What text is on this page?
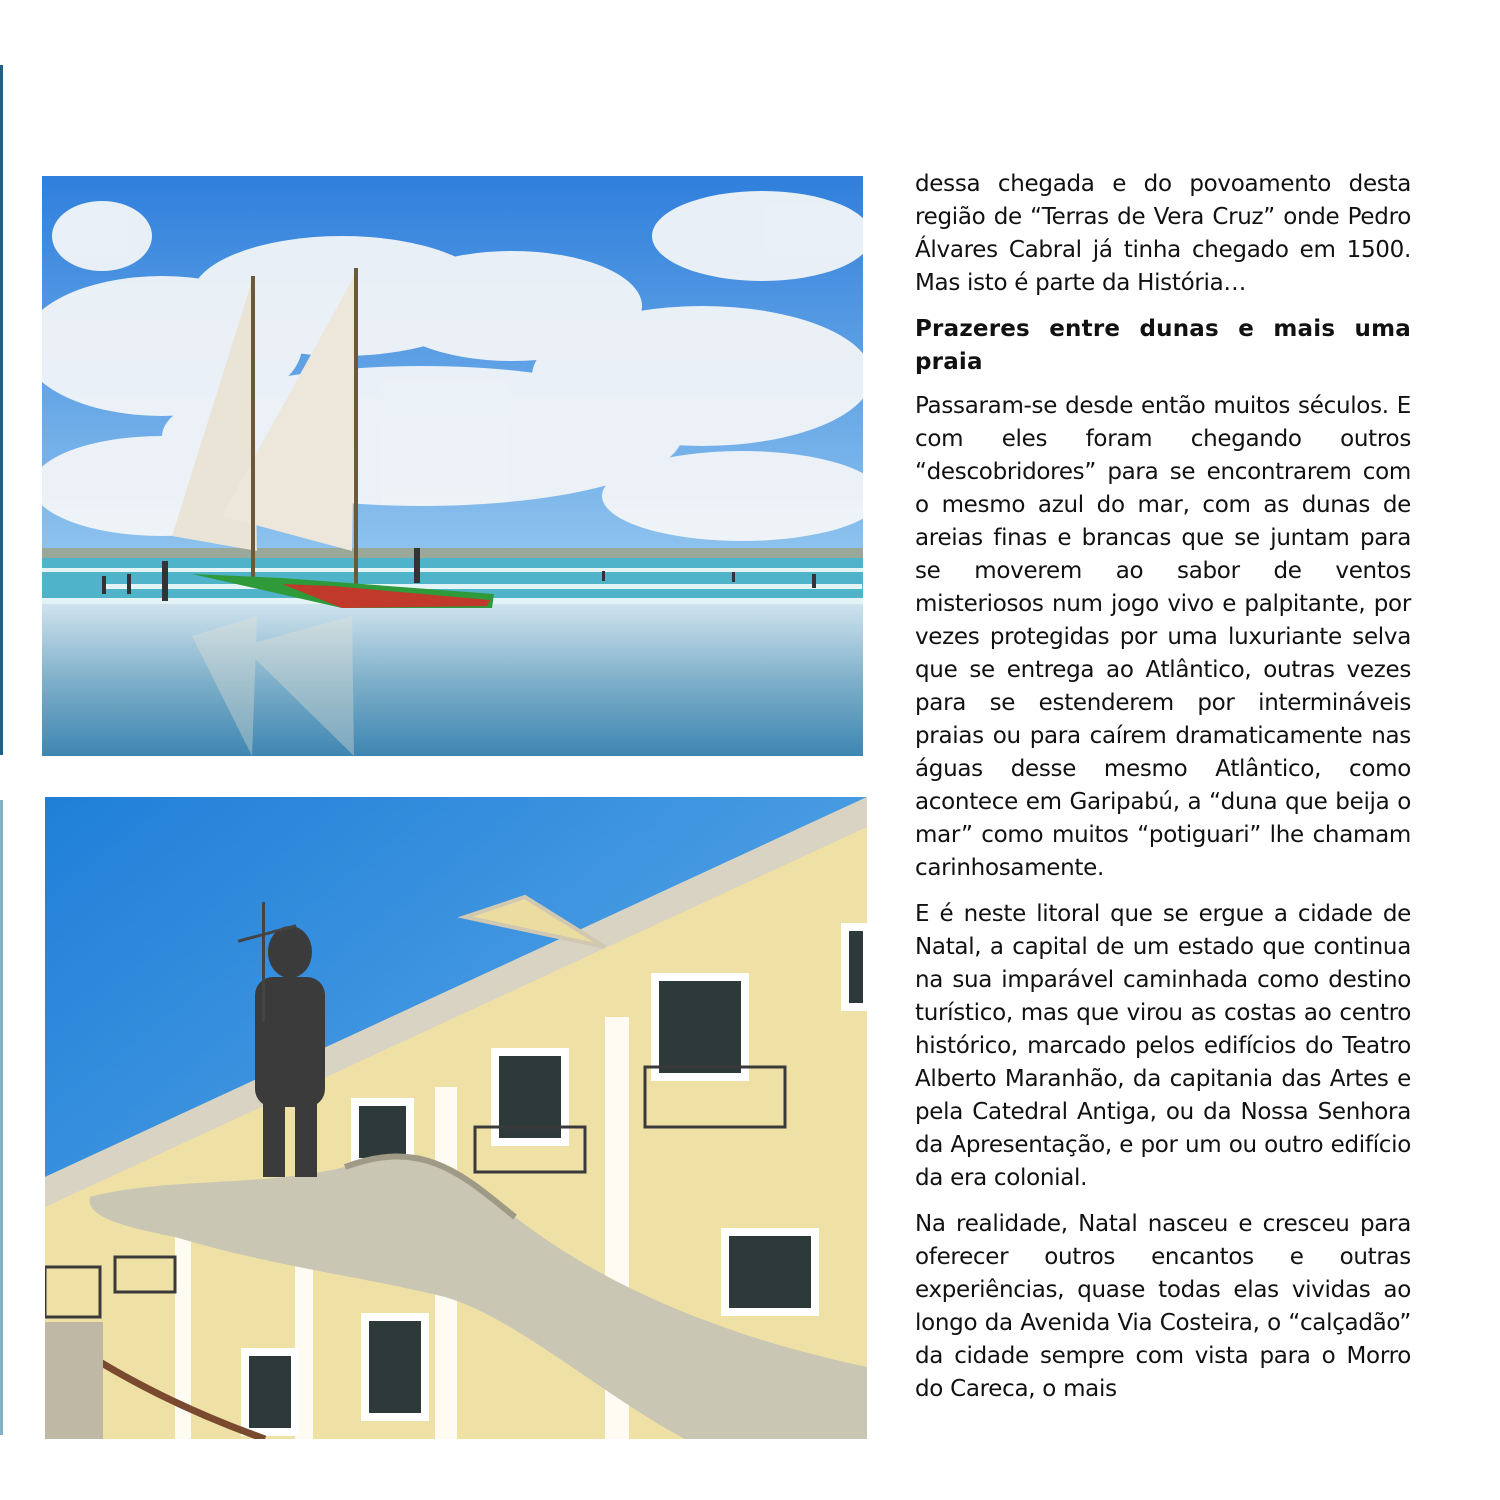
dessa chegada e do povoamento desta região de “Terras de Vera Cruz” onde Pedro Álvares Cabral já tinha chegado em 1500. Mas isto é parte da História…

Prazeres entre dunas e mais uma praia

Passaram-se desde então muitos séculos. E com eles foram chegando outros “descobridores” para se encontrarem com o mesmo azul do mar, com as dunas de areias finas e brancas que se juntam para se moverem ao sabor de ventos misteriosos num jogo vivo e palpitante, por vezes protegidas por uma luxuriante selva que se entrega ao Atlântico, outras vezes para se estenderem por intermináveis praias ou para caírem dramaticamente nas águas desse mesmo Atlântico, como acontece em Garipabú, a “duna que beija o mar” como muitos “potiguari” lhe chamam carinhosamente.

E é neste litoral que se ergue a cidade de Natal, a capital de um estado que continua na sua imparável caminhada como destino turístico, mas que virou as costas ao centro histórico, marcado pelos edifícios do Teatro Alberto Maranhão, da capitania das Artes e pela Catedral Antiga, ou da Nossa Senhora da Apresentação, e por um ou outro edifício da era colonial.

Na realidade, Natal nasceu e cresceu para oferecer outros encantos e outras experiências, quase todas elas vividas ao longo da Avenida Via Costeira, o “calçadão” da cidade sempre com vista para o Morro do Careca, o mais
